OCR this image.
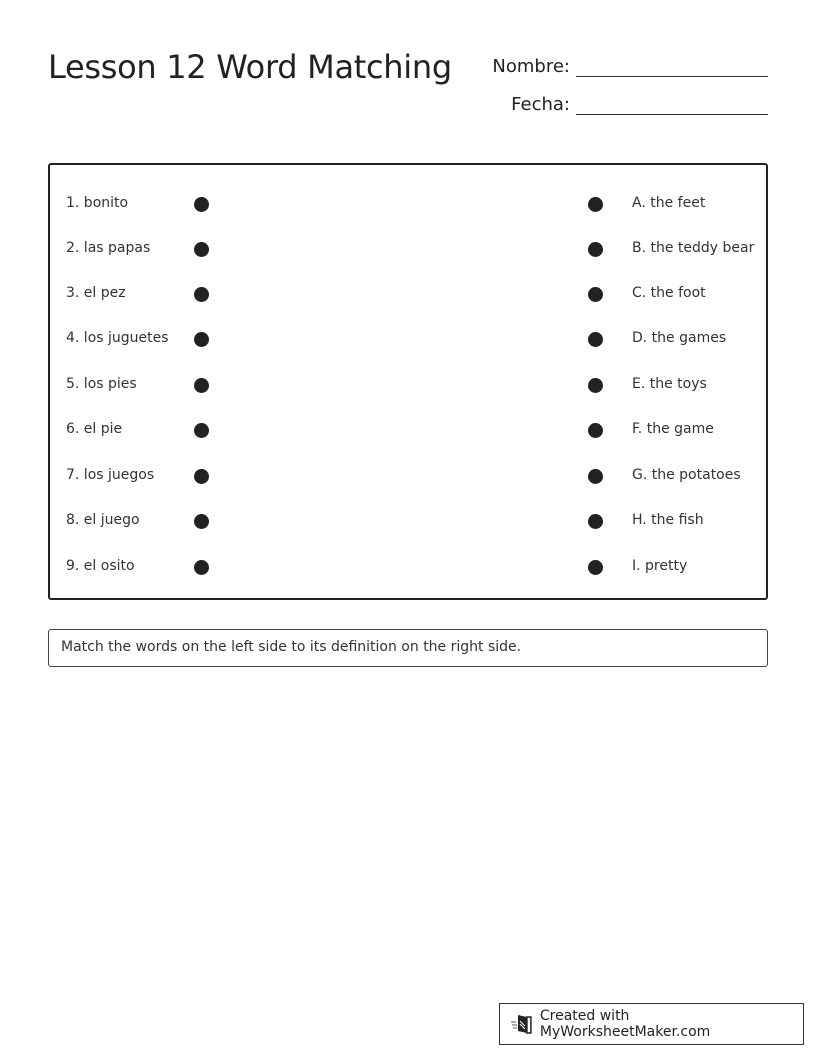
Lesson 12 Word Matching	Nombre:
Fecha:
1. bonito	A. the feet
2. las papas	B. the teddy bear
3. el pez	C. the foot
4. los juguetes	D. the games
5. los pies	E. the toys
6. el pie	F. the game
7. los juegos	G. the potatoes
8. el juego	H. the fish
9. el osito	I. pretty
Match the words on the left side to its definition on the right side.
Created with MyWorksheetMaker.com
